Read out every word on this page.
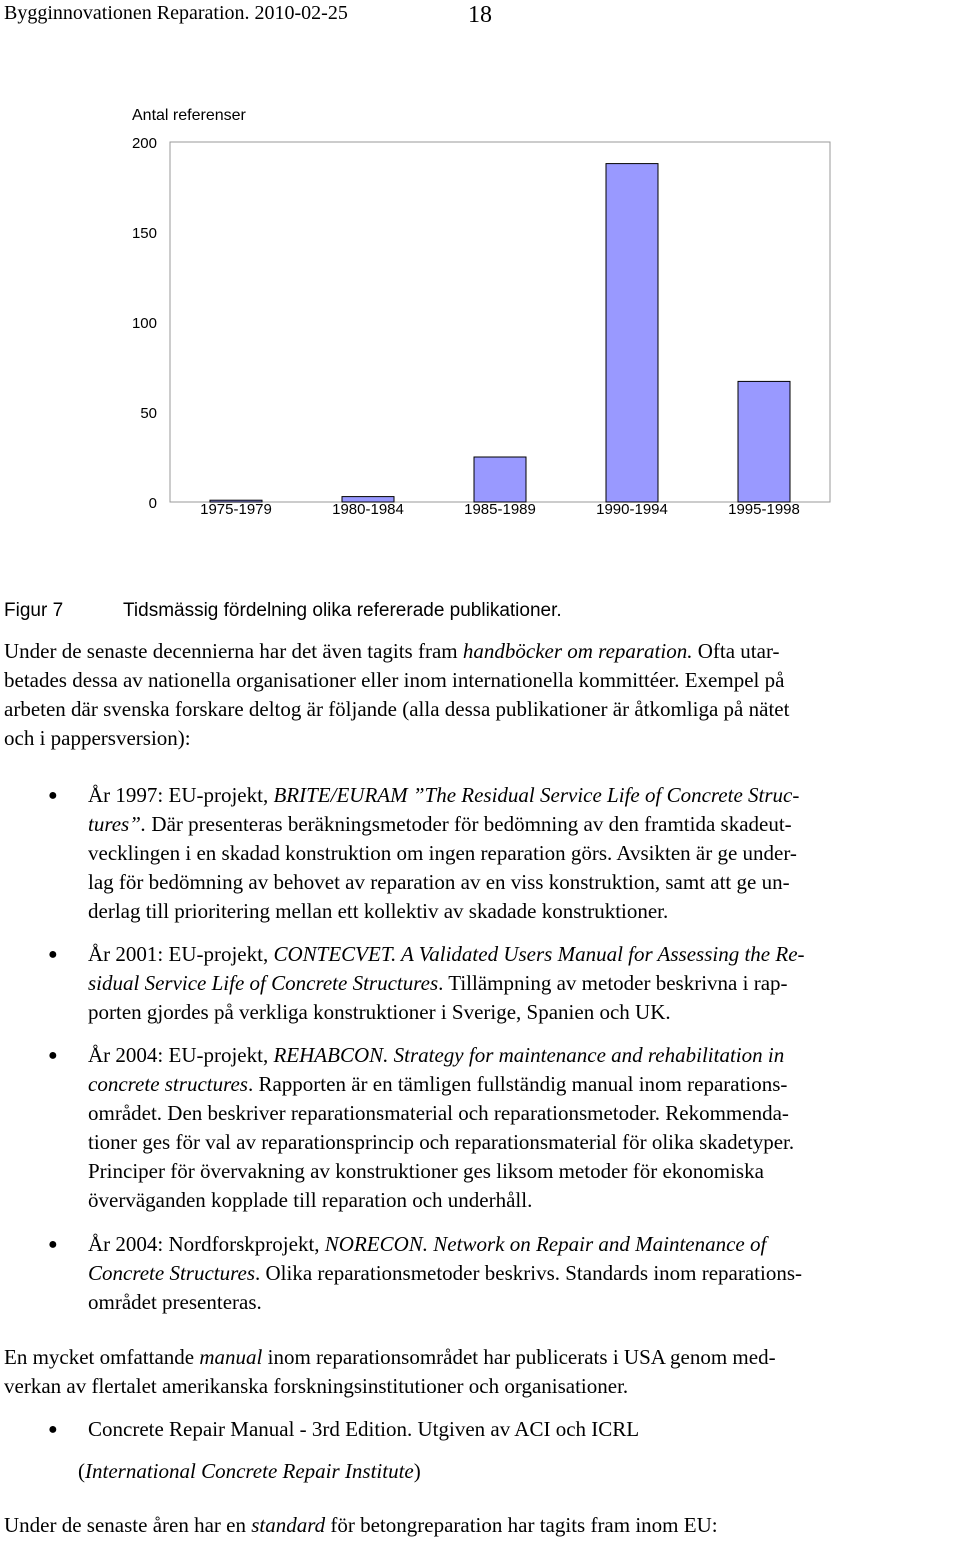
Bygginnovationen Reparation. 2010-02-25	18
Antal referenser
200
150
100
50
0	1975-1979	1980-1984	1985-1989	1990-1994	1995-1998
Figur 7	Tidsmässig fördelning olika refererade publikationer.
Under de senaste decennierna har det även tagits fram handböcker om reparation. Ofta utar-
betades dessa av nationella organisationer eller inom internationella kommittéer. Exempel på
arbeten där svenska forskare deltog är följande (alla dessa publikationer är åtkomliga på nätet
och i pappersversion):
● År 1997: EU-projekt, BRITE/EURAM ”The Residual Service Life of Concrete Struc-
tures”. Där presenteras beräkningsmetoder för bedömning av den framtida skadeut-
vecklingen i en skadad konstruktion om ingen reparation görs. Avsikten är ge under-
lag för bedömning av behovet av reparation av en viss konstruktion, samt att ge un-
derlag till prioritering mellan ett kollektiv av skadade konstruktioner.
● År 2001: EU-projekt, CONTECVET. A Validated Users Manual for Assessing the Re-
sidual Service Life of Concrete Structures. Tillämpning av metoder beskrivna i rap-
porten gjordes på verkliga konstruktioner i Sverige, Spanien och UK.
● År 2004: EU-projekt, REHABCON. Strategy for maintenance and rehabilitation in
concrete structures. Rapporten är en tämligen fullständig manual inom reparations-
området. Den beskriver reparationsmaterial och reparationsmetoder. Rekommenda-
tioner ges för val av reparationsprincip och reparationsmaterial för olika skadetyper.
Principer för övervakning av konstruktioner ges liksom metoder för ekonomiska
överväganden kopplade till reparation och underhåll.
● År 2004: Nordforskprojekt, NORECON. Network on Repair and Maintenance of
Concrete Structures. Olika reparationsmetoder beskrivs. Standards inom reparations-
området presenteras.
En mycket omfattande manual inom reparationsområdet har publicerats i USA genom med-
verkan av flertalet amerikanska forskningsinstitutioner och organisationer.
● Concrete Repair Manual - 3rd Edition. Utgiven av ACI och ICRL
(International Concrete Repair Institute)
Under de senaste åren har en standard för betongreparation har tagits fram inom EU:
